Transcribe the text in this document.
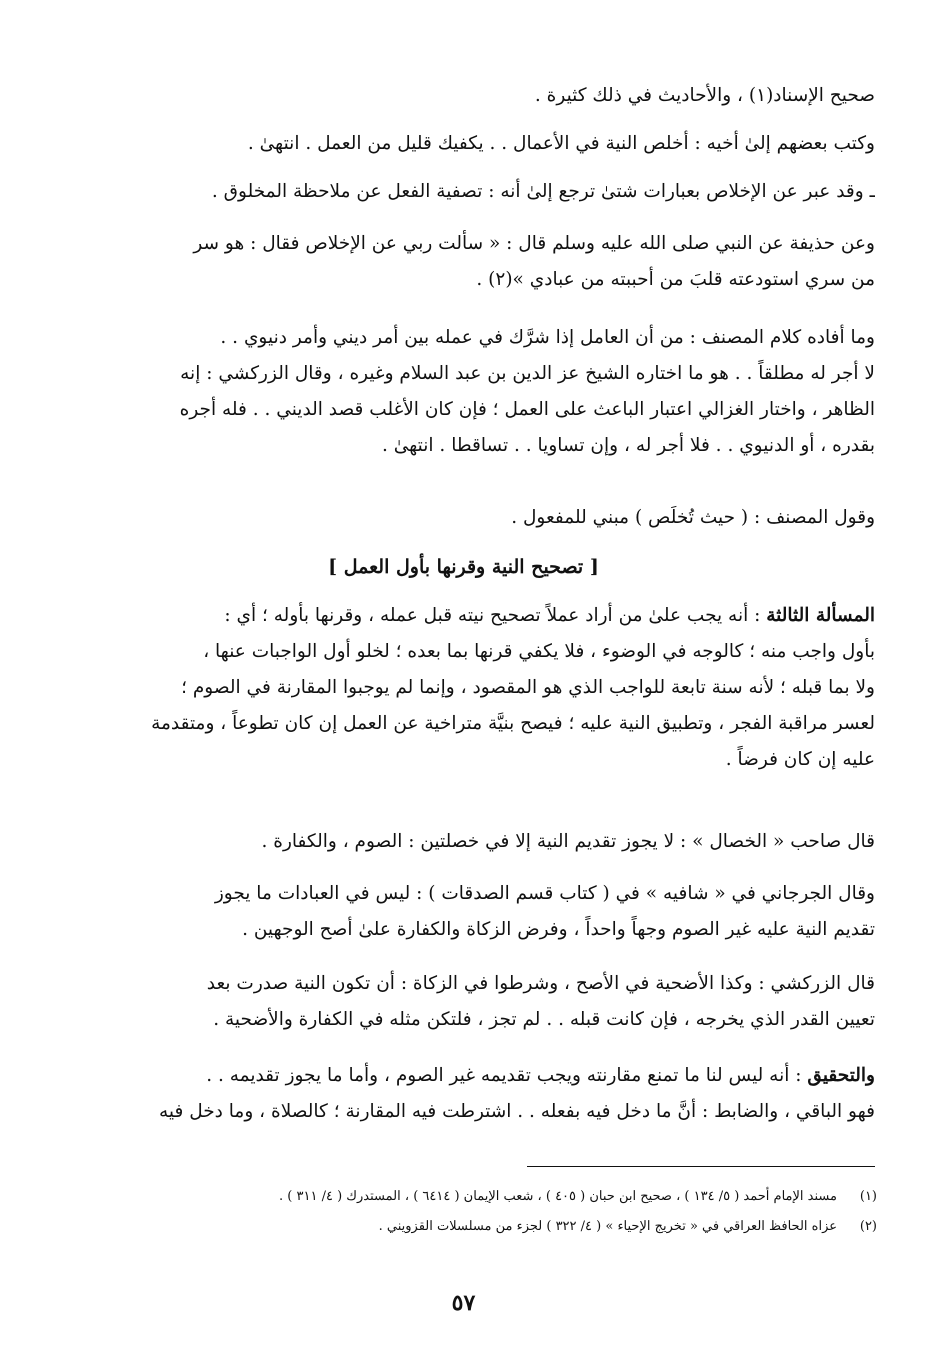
صحيح الإسناد(١) ، والأحاديث في ذلك كثيرة .
وكتب بعضهم إلىٰ أخيه : أخلص النية في الأعمال . . يكفيك قليل من العمل . انتهىٰ .
ـ وقد عبر عن الإخلاص بعبارات شتىٰ ترجع إلىٰ أنه : تصفية الفعل عن ملاحظة المخلوق .
وعن حذيفة عن النبي صلى الله عليه وسلم قال : « سألت ربي عن الإخلاص فقال : هو سر
من سري استودعته قلبَ من أحببته من عبادي »(٢) .
وما أفاده كلام المصنف : من أن العامل إذا شرَّك في عمله بين أمر ديني وأمر دنيوي . .
لا أجر له مطلقاً . . هو ما اختاره الشيخ عز الدين بن عبد السلام وغيره ، وقال الزركشي : إنه
الظاهر ، واختار الغزالي اعتبار الباعث على العمل ؛ فإن كان الأغلب قصد الديني . . فله أجره
بقدره ، أو الدنيوي . . فلا أجر له ، وإن تساويا . . تساقطا . انتهىٰ .
وقول المصنف : ( حيث تُخلَص ) مبني للمفعول .
[ تصحيح النية وقرنها بأول العمل ]
المسألة الثالثة : أنه يجب علىٰ من أراد عملاً تصحيح نيته قبل عمله ، وقرنها بأوله ؛ أي :
بأول واجب منه ؛ كالوجه في الوضوء ، فلا يكفي قرنها بما بعده ؛ لخلو أول الواجبات عنها ،
ولا بما قبله ؛ لأنه سنة تابعة للواجب الذي هو المقصود ، وإنما لم يوجبوا المقارنة في الصوم ؛
لعسر مراقبة الفجر ، وتطبيق النية عليه ؛ فيصح بنيَّة متراخية عن العمل إن كان تطوعاً ، ومتقدمة
عليه إن كان فرضاً .
قال صاحب « الخصال » : لا يجوز تقديم النية إلا في خصلتين : الصوم ، والكفارة .
وقال الجرجاني في « شافيه » في ( كتاب قسم الصدقات ) : ليس في العبادات ما يجوز
تقديم النية عليه غير الصوم وجهاً واحداً ، وفرض الزكاة والكفارة علىٰ أصح الوجهين .
قال الزركشي : وكذا الأضحية في الأصح ، وشرطوا في الزكاة : أن تكون النية صدرت بعد
تعيين القدر الذي يخرجه ، فإن كانت قبله . . لم تجز ، فلتكن مثله في الكفارة والأضحية .
والتحقيق : أنه ليس لنا ما تمنع مقارنته ويجب تقديمه غير الصوم ، وأما ما يجوز تقديمه . .
فهو الباقي ، والضابط : أنَّ ما دخل فيه بفعله . . اشترطت فيه المقارنة ؛ كالصلاة ، وما دخل فيه
(١)مسند الإمام أحمد ( ٥/ ١٣٤ ) ، صحيح ابن حبان ( ٤٠٥ ) ، شعب الإيمان ( ٦٤١٤ ) ، المستدرك ( ٤/ ٣١١ ) .
(٢)عزاه الحافظ العراقي في « تخريج الإحياء » ( ٤/ ٣٢٢ ) لجزء من مسلسلات القزويني .
٥٧
